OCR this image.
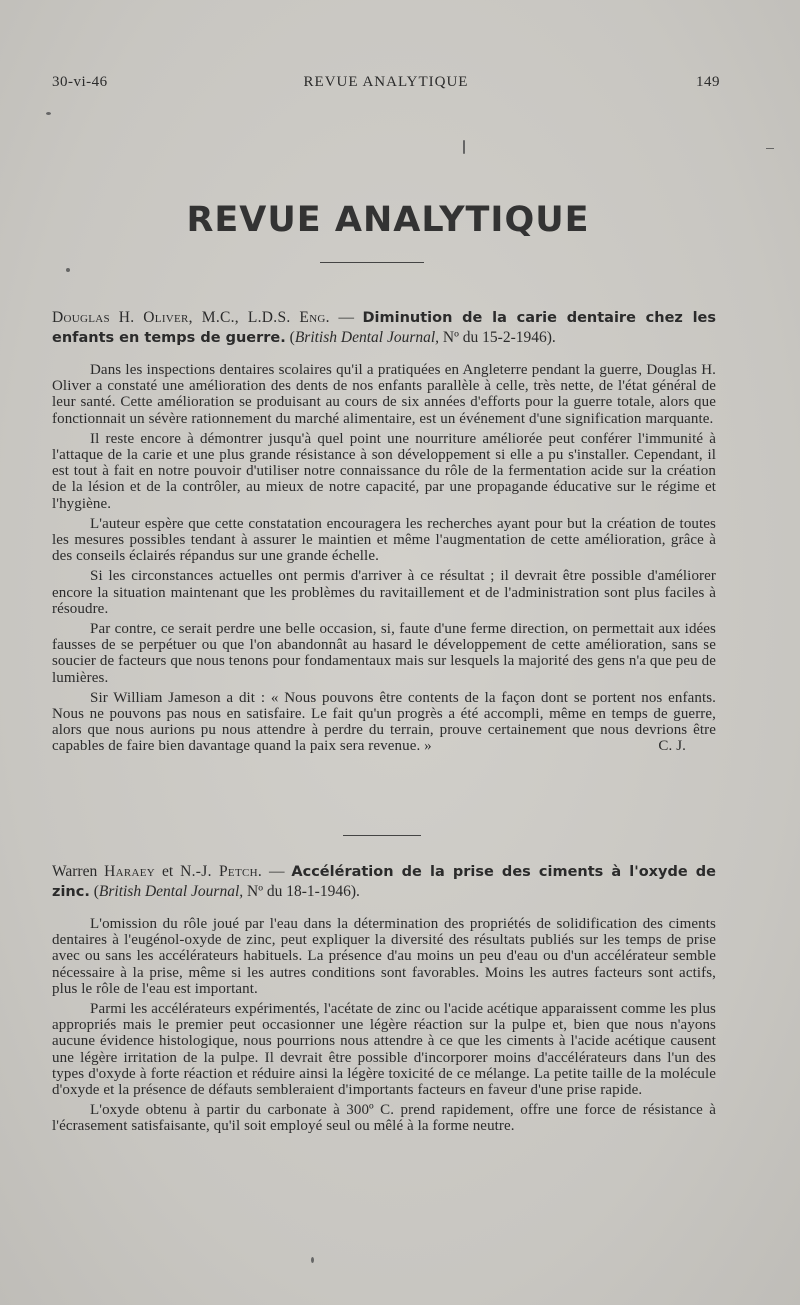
30-vi-46	REVUE ANALYTIQUE	149
REVUE ANALYTIQUE
Douglas H. Oliver, M.C., L.D.S. Eng. — Diminution de la carie dentaire chez les enfants en temps de guerre. (British Dental Journal, Nº du 15-2-1946).

Dans les inspections dentaires scolaires qu'il a pratiquées en Angleterre pendant la guerre, Douglas H. Oliver a constaté une amélioration des dents de nos enfants parallèle à celle, très nette, de l'état général de leur santé. Cette amélioration se produisant au cours de six années d'efforts pour la guerre totale, alors que fonctionnait un sévère rationnement du marché alimentaire, est un événement d'une signification marquante.

Il reste encore à démontrer jusqu'à quel point une nourriture améliorée peut conférer l'immunité à l'attaque de la carie et une plus grande résistance à son développement si elle a pu s'installer. Cependant, il est tout à fait en notre pouvoir d'utiliser notre connaissance du rôle de la fermentation acide sur la création de la lésion et de la contrôler, au mieux de notre capacité, par une propagande éducative sur le régime et l'hygiène.

L'auteur espère que cette constatation encouragera les recherches ayant pour but la création de toutes les mesures possibles tendant à assurer le maintien et même l'augmentation de cette amélioration, grâce à des conseils éclairés répandus sur une grande échelle.

Si les circonstances actuelles ont permis d'arriver à ce résultat ; il devrait être possible d'améliorer encore la situation maintenant que les problèmes du ravitaillement et de l'administration sont plus faciles à résoudre.

Par contre, ce serait perdre une belle occasion, si, faute d'une ferme direction, on permettait aux idées fausses de se perpétuer ou que l'on abandonnât au hasard le développement de cette amélioration, sans se soucier de facteurs que nous tenons pour fondamentaux mais sur lesquels la majorité des gens n'a que peu de lumières.

Sir William Jameson a dit : « Nous pouvons être contents de la façon dont se portent nos enfants. Nous ne pouvons pas nous en satisfaire. Le fait qu'un progrès a été accompli, même en temps de guerre, alors que nous aurions pu nous attendre à perdre du terrain, prouve certainement que nous devrions être capables de faire bien davantage quand la paix sera revenue. »	C. J.

Warren Haraey et N.-J. Petch. — Accélération de la prise des ciments à l'oxyde de zinc. (British Dental Journal, Nº du 18-1-1946).

L'omission du rôle joué par l'eau dans la détermination des propriétés de solidification des ciments dentaires à l'eugénol-oxyde de zinc, peut expliquer la diversité des résultats publiés sur les temps de prise avec ou sans les accélérateurs habituels. La présence d'au moins un peu d'eau ou d'un accélérateur semble nécessaire à la prise, même si les autres conditions sont favorables. Moins les autres facteurs sont actifs, plus le rôle de l'eau est important.

Parmi les accélérateurs expérimentés, l'acétate de zinc ou l'acide acétique apparaissent comme les plus appropriés mais le premier peut occasionner une légère réaction sur la pulpe et, bien que nous n'ayons aucune évidence histologique, nous pourrions nous attendre à ce que les ciments à l'acide acétique causent une légère irritation de la pulpe. Il devrait être possible d'incorporer moins d'accélérateurs dans l'un des types d'oxyde à forte réaction et réduire ainsi la légère toxicité de ce mélange. La petite taille de la molécule d'oxyde et la présence de défauts sembleraient d'importants facteurs en faveur d'une prise rapide.

L'oxyde obtenu à partir du carbonate à 300º C. prend rapidement, offre une force de résistance à l'écrasement satisfaisante, qu'il soit employé seul ou mêlé à la forme neutre.
